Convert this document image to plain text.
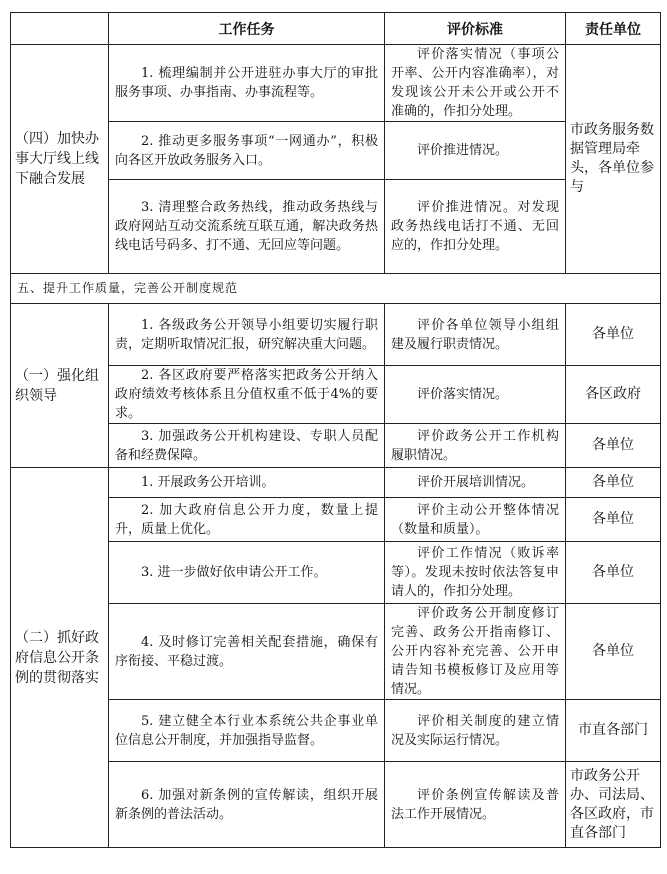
	工作任务	评价标准	责任单位
（四）加快办事大厅线上线下融合发展	1. 梳理编制并公开进驻办事大厅的审批服务事项、办事指南、办事流程等。	评价落实情况（事项公开率、公开内容准确率），对发现该公开未公开或公开不准确的，作扣分处理。	市政务服务数据管理局牵头，各单位参与
	2. 推动更多服务事项“一网通办”，积极向各区开放政务服务入口。	评价推进情况。	
	3. 清理整合政务热线，推动政务热线与政府网站互动交流系统互联互通，解决政务热线电话号码多、打不通、无回应等问题。	评价推进情况。对发现政务热线电话打不通、无回应的，作扣分处理。	
五、提升工作质量，完善公开制度规范			
（一）强化组织领导	1. 各级政务公开领导小组要切实履行职责，定期听取情况汇报，研究解决重大问题。	评价各单位领导小组组建及履行职责情况。	各单位
	2. 各区政府要严格落实把政务公开纳入政府绩效考核体系且分值权重不低于4%的要求。	评价落实情况。	各区政府
	3. 加强政务公开机构建设、专职人员配备和经费保障。	评价政务公开工作机构履职情况。	各单位
（二）抓好政府信息公开条例的贯彻落实	1. 开展政务公开培训。	评价开展培训情况。	各单位
	2. 加大政府信息公开力度，数量上提升，质量上优化。	评价主动公开整体情况（数量和质量）。	各单位
	3. 进一步做好依申请公开工作。	评价工作情况（败诉率等）。发现未按时依法答复申请人的，作扣分处理。	各单位
	4. 及时修订完善相关配套措施，确保有序衔接、平稳过渡。	评价政务公开制度修订完善、政务公开指南修订、公开内容补充完善、公开申请告知书模板修订及应用等情况。	各单位
	5. 建立健全本行业本系统公共企事业单位信息公开制度，并加强指导监督。	评价相关制度的建立情况及实际运行情况。	市直各部门
	6. 加强对新条例的宣传解读，组织开展新条例的普法活动。	评价条例宣传解读及普法工作开展情况。	市政务公开办、司法局、各区政府，市直各部门
